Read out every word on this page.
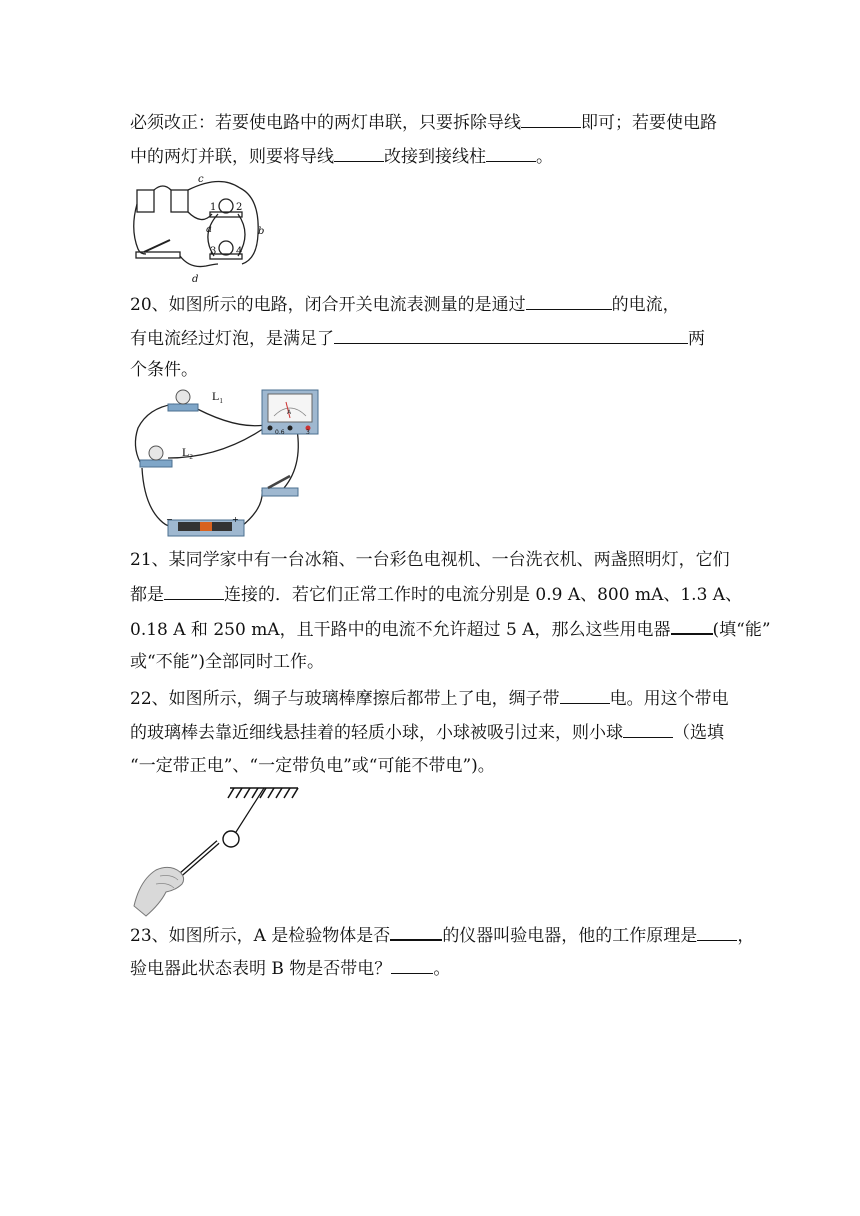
必须改正：若要使电路中的两灯串联，只要拆除导线	即可；若要使电路
中的两灯并联，则要将导线	改接到接线柱	。
c
a	b
d
1 2
3 4
20、如图所示的电路，闭合开关电流表测量的是通过	的电流，
有电流经过灯泡，是满足了	两
个条件。
$L_1$
$L_2$
A
0.6	3
−	+
21、某同学家中有一台冰箱、一台彩色电视机、一台洗衣机、两盏照明灯，它们
都是	连接的．若它们正常工作时的电流分别是 0.9 A、800 mA、1.3 A、
0.18 A 和 250 mA，且干路中的电流不允许超过 5 A，那么这些用电器 (填“能”
或“不能”)全部同时工作。
22、如图所示，绸子与玻璃棒摩擦后都带上了电，绸子带	电。用这个带电
的玻璃棒去靠近细线悬挂着的轻质小球，小球被吸引过来，则小球	（选填
“一定带正电”、“一定带负电”或“可能不带电”)。
23、如图所示，A 是检验物体是否	的仪器叫验电器，他的工作原理是 ，
验电器此状态表明 B 物是否带电？ 。
